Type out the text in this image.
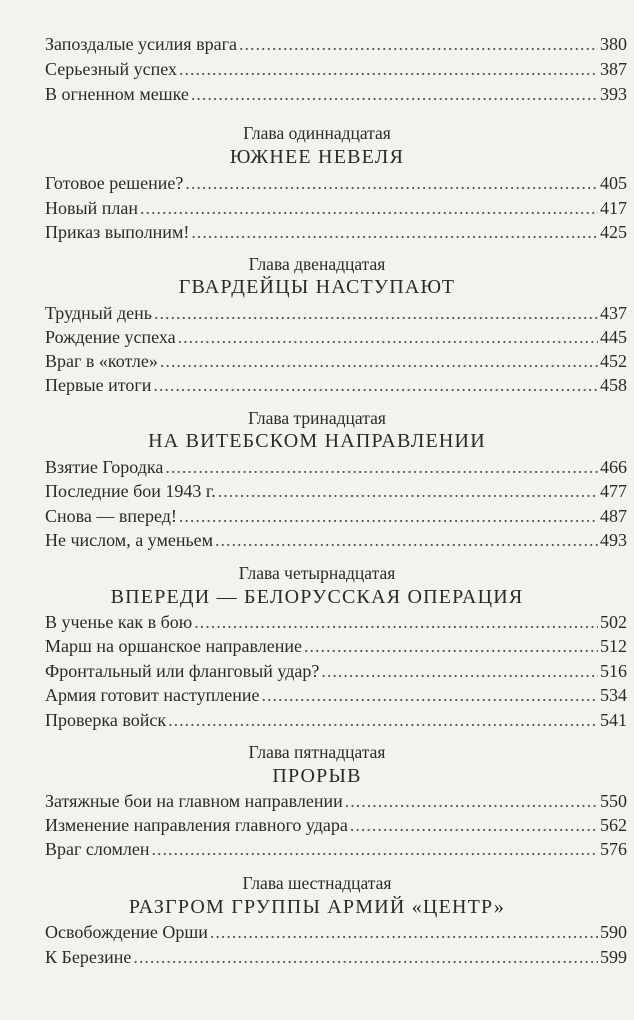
Запоздалые усилия врага .....	380
Серьезный успех .....	387
В огненном мешке .....	393
Глава одиннадцатая
ЮЖНЕЕ НЕВЕЛЯ
Готовое решение? .....	405
Новый план .....	417
Приказ выполним! .....	425
Глава двенадцатая
ГВАРДЕЙЦЫ НАСТУПАЮТ
Трудный день .....	437
Рождение успеха .....	445
Враг в «котле» .....	452
Первые итоги .....	458
Глава тринадцатая
НА ВИТЕБСКОМ НАПРАВЛЕНИИ
Взятие Городка .....	466
Последние бои 1943 г. .....	477
Снова — вперед! .....	487
Не числом, а уменьем .....	493
Глава четырнадцатая
ВПЕРЕДИ — БЕЛОРУССКАЯ ОПЕРАЦИЯ
В ученье как в бою .....	502
Марш на оршанское направление .....	512
Фронтальный или фланговый удар? .....	516
Армия готовит наступление .....	534
Проверка войск .....	541
Глава пятнадцатая
ПРОРЫВ
Затяжные бои на главном направлении .....	550
Изменение направления главного удара .....	562
Враг сломлен .....	576
Глава шестнадцатая
РАЗГРОМ ГРУППЫ АРМИЙ «ЦЕНТР»
Освобождение Орши .....	590
К Березине .....	599
